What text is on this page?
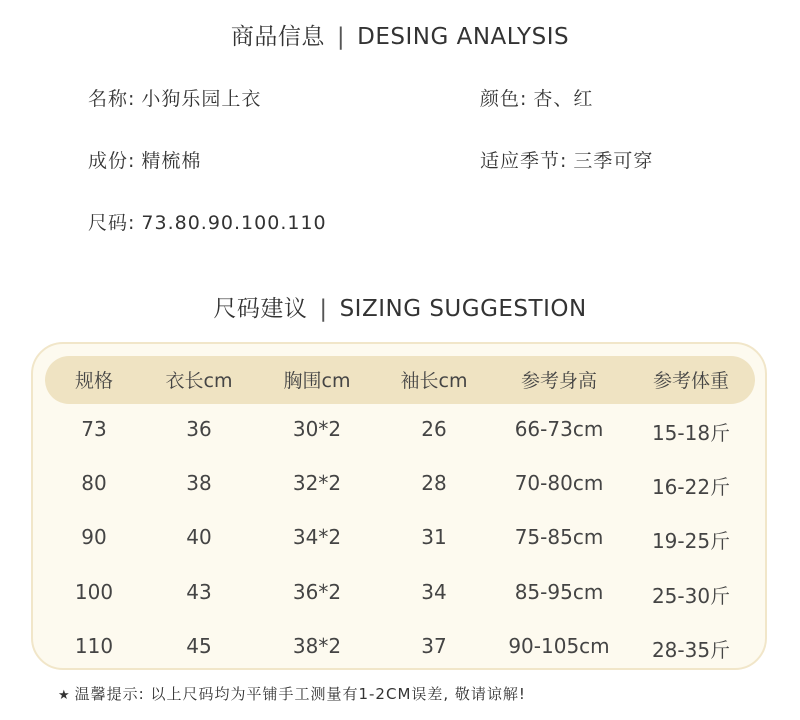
商品信息 | DESING ANALYSIS
名称: 小狗乐园上衣	颜色: 杏、红
成份: 精梳棉	适应季节: 三季可穿
尺码: 73.80.90.100.110
尺码建议 | SIZING SUGGESTION
规格	衣长cm	胸围cm	袖长cm	参考身高	参考体重
73	36	30*2	26	66-73cm	15-18斤
80	38	32*2	28	70-80cm	16-22斤
90	40	34*2	31	75-85cm	19-25斤
100	43	36*2	34	85-95cm	25-30斤
110	45	38*2	37	90-105cm	28-35斤
★ 温馨提示: 以上尺码均为平铺手工测量有1-2CM误差, 敬请谅解!
